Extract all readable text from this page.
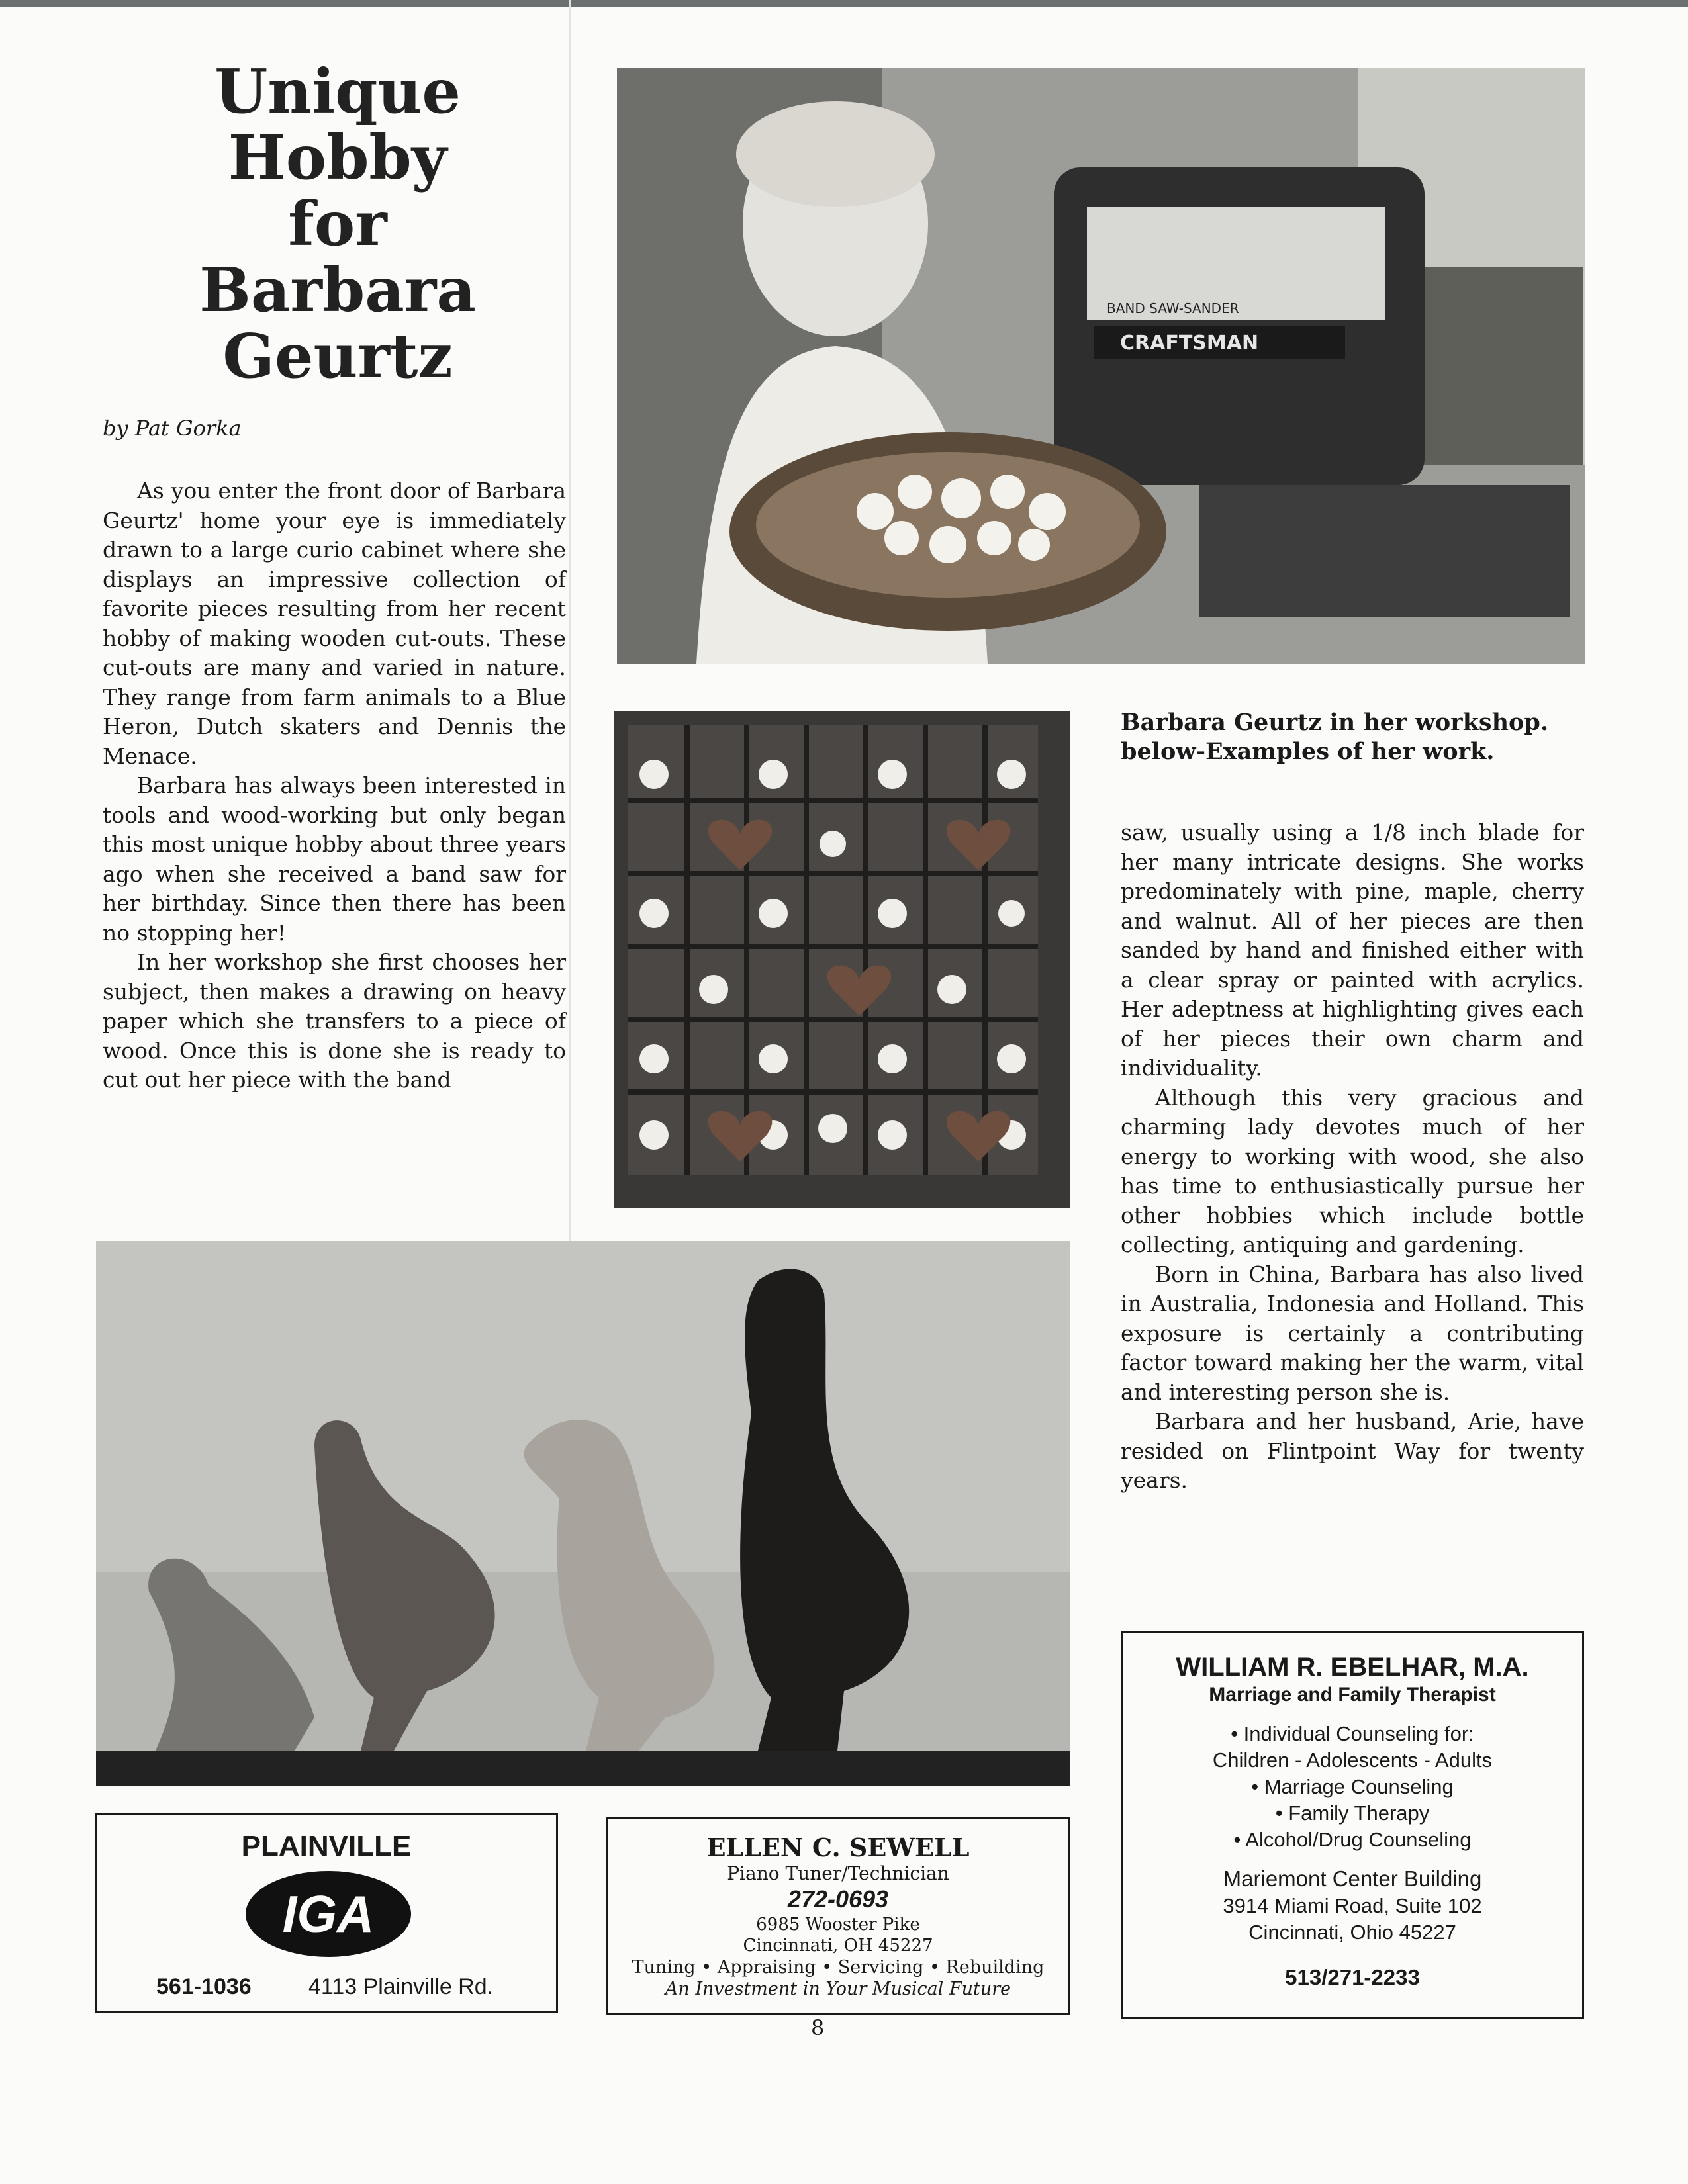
Unique
Hobby
for
Barbara
Geurtz
by Pat Gorka

As you enter the front door of Barbara Geurtz' home your eye is immediately drawn to a large curio cabinet where she displays an impressive collection of favorite pieces resulting from her recent hobby of making wooden cut-outs. These cut-outs are many and varied in nature. They range from farm animals to a Blue Heron, Dutch skaters and Dennis the Menace.

Barbara has always been interested in tools and wood-working but only began this most unique hobby about three years ago when she received a band saw for her birthday. Since then there has been no stopping her!

In her workshop she first chooses her subject, then makes a drawing on heavy paper which she transfers to a piece of wood. Once this is done she is ready to cut out her piece with the band

CRAFTSMAN
BAND SAW-SANDER
Barbara Geurtz in her workshop.
below-Examples of her work.

saw, usually using a 1/8 inch blade for her many intricate designs. She works predominately with pine, maple, cherry and walnut. All of her pieces are then sanded by hand and finished either with a clear spray or painted with acrylics. Her adeptness at highlighting gives each of her pieces their own charm and individuality.

Although this very gracious and charming lady devotes much of her energy to working with wood, she also has time to enthusiastically pursue her other hobbies which include bottle collecting, antiquing and gardening.

Born in China, Barbara has also lived in Australia, Indonesia and Holland. This exposure is certainly a contributing factor toward making her the warm, vital and interesting person she is.

Barbara and her husband, Arie, have resided on Flintpoint Way for twenty years.

PLAINVILLE
IGA
561-1036	4113 Plainville Rd.
ELLEN C. SEWELL
Piano Tuner/Technician
272-0693
6985 Wooster Pike
Cincinnati, OH 45227
Tuning • Appraising • Servicing • Rebuilding
An Investment in Your Musical Future
WILLIAM R. EBELHAR, M.A.
Marriage and Family Therapist
• Individual Counseling for:
Children - Adolescents - Adults
• Marriage Counseling
• Family Therapy
• Alcohol/Drug Counseling
Mariemont Center Building
3914 Miami Road, Suite 102
Cincinnati, Ohio 45227
513/271-2233
8
